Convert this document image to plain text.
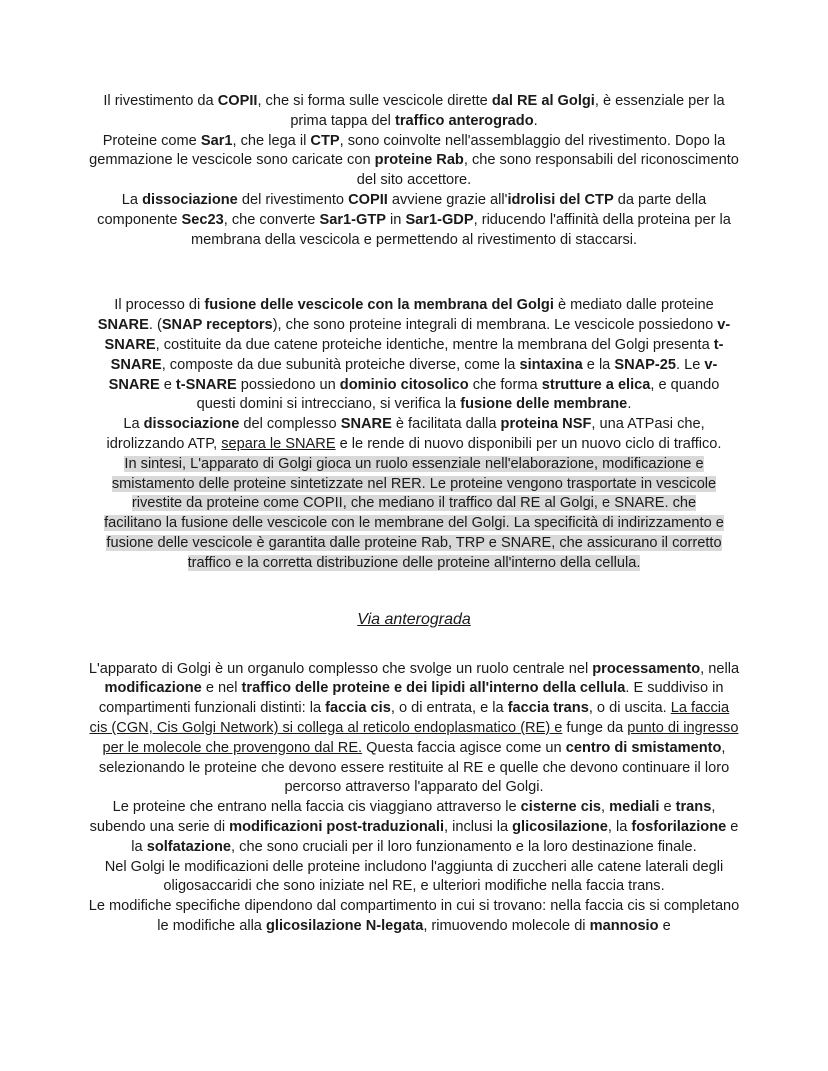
Il rivestimento da COPII, che si forma sulle vescicole dirette dal RE al Golgi, è essenziale per la prima tappa del traffico anterogrado.

Proteine come Sar1, che lega il CTP, sono coinvolte nell'assemblaggio del rivestimento. Dopo la gemmazione le vescicole sono caricate con proteine Rab, che sono responsabili del riconoscimento del sito accettore.

La dissociazione del rivestimento COPII avviene grazie all'idrolisi del CTP da parte della componente Sec23, che converte Sar1-GTP in Sar1-GDP, riducendo l'affinità della proteina per la membrana della vescicola e permettendo al rivestimento di staccarsi.

Il processo di fusione delle vescicole con la membrana del Golgi è mediato dalle proteine SNARE. (SNAP receptors), che sono proteine integrali di membrana. Le vescicole possiedono v-SNARE, costituite da due catene proteiche identiche, mentre la membrana del Golgi presenta t-SNARE, composte da due subunità proteiche diverse, come la sintaxina e la SNAP-25. Le v-SNARE e t-SNARE possiedono un dominio citosolico che forma strutture a elica, e quando questi domini si intrecciano, si verifica la fusione delle membrane.

La dissociazione del complesso SNARE è facilitata dalla proteina NSF, una ATPasi che, idrolizzando ATP, separa le SNARE e le rende di nuovo disponibili per un nuovo ciclo di traffico.

In sintesi, L'apparato di Golgi gioca un ruolo essenziale nell'elaborazione, modificazione e
smistamento delle proteine sintetizzate nel RER. Le proteine vengono trasportate in vescicole
rivestite da proteine come COPII, che mediano il traffico dal RE al Golgi, e SNARE. che
facilitano la fusione delle vescicole con le membrane del Golgi. La specificità di indirizzamento e
fusione delle vescicole è garantita dalle proteine Rab, TRP e SNARE, che assicurano il corretto
traffico e la corretta distribuzione delle proteine all'interno della cellula.

Via anterograda

L'apparato di Golgi è un organulo complesso che svolge un ruolo centrale nel processamento, nella modificazione e nel traffico delle proteine e dei lipidi all'interno della cellula. E suddiviso in compartimenti funzionali distinti: la faccia cis, o di entrata, e la faccia trans, o di uscita. La faccia cis (CGN, Cis Golgi Network) si collega al reticolo endoplasmatico (RE) e funge da punto di ingresso per le molecole che provengono dal RE. Questa faccia agisce come un centro di smistamento, selezionando le proteine che devono essere restituite al RE e quelle che devono continuare il loro percorso attraverso l'apparato del Golgi.

Le proteine che entrano nella faccia cis viaggiano attraverso le cisterne cis, mediali e trans, subendo una serie di modificazioni post-traduzionali, inclusi la glicosilazione, la fosforilazione e la solfatazione, che sono cruciali per il loro funzionamento e la loro destinazione finale.

Nel Golgi le modificazioni delle proteine includono l'aggiunta di zuccheri alle catene laterali degli oligosaccaridi che sono iniziate nel RE, e ulteriori modifiche nella faccia trans.

Le modifiche specifiche dipendono dal compartimento in cui si trovano: nella faccia cis si completano le modifiche alla glicosilazione N-legata, rimuovendo molecole di mannosio e
